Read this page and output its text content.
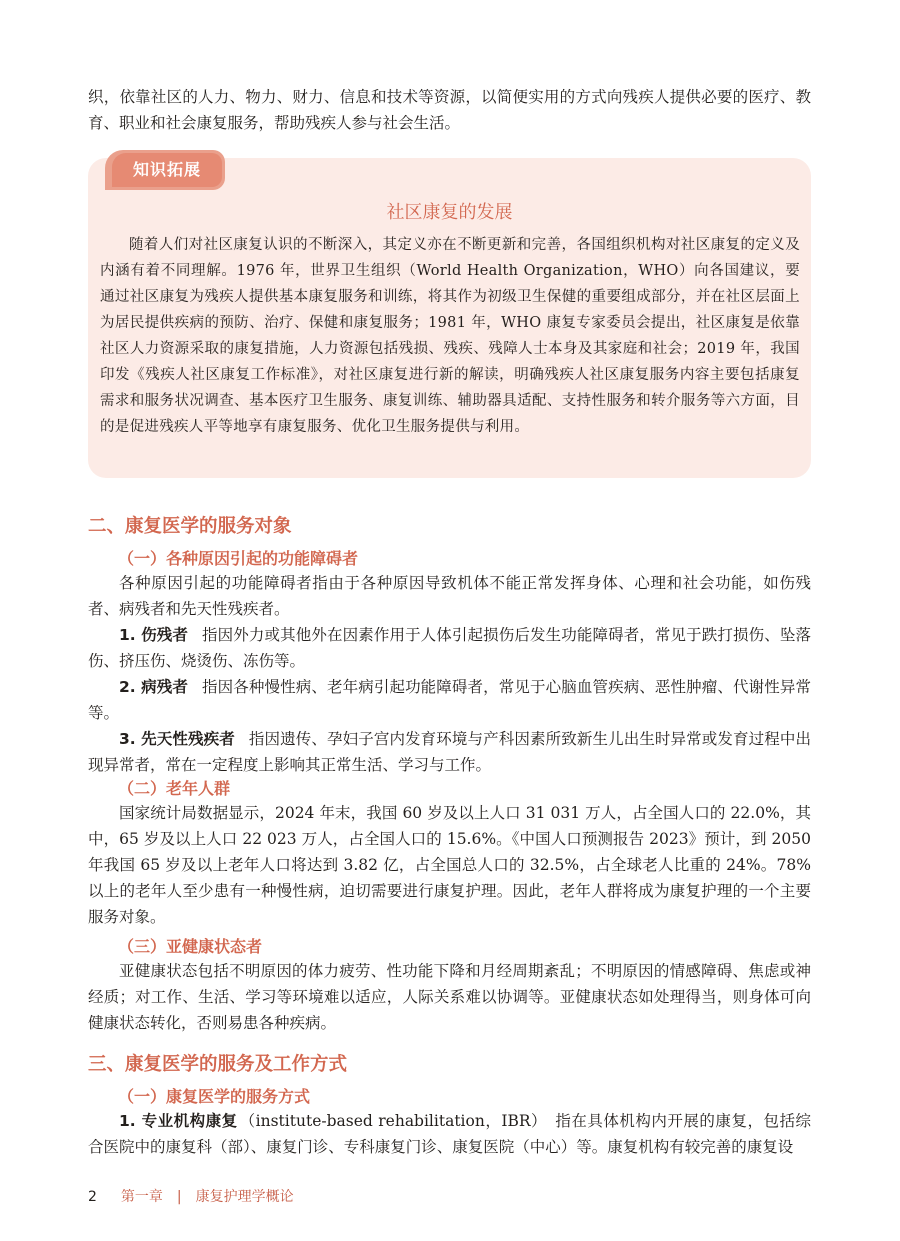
织，依靠社区的人力、物力、财力、信息和技术等资源，以简便实用的方式向残疾人提供必要的医疗、教育、职业和社会康复服务，帮助残疾人参与社会生活。

知识拓展
社区康复的发展

随着人们对社区康复认识的不断深入，其定义亦在不断更新和完善，各国组织机构对社区康复的定义及内涵有着不同理解。1976 年，世界卫生组织（World Health Organization，WHO）向各国建议，要通过社区康复为残疾人提供基本康复服务和训练，将其作为初级卫生保健的重要组成部分，并在社区层面上为居民提供疾病的预防、治疗、保健和康复服务；1981 年，WHO 康复专家委员会提出，社区康复是依靠社区人力资源采取的康复措施，人力资源包括残损、残疾、残障人士本身及其家庭和社会；2019 年，我国印发《残疾人社区康复工作标准》，对社区康复进行新的解读，明确残疾人社区康复服务内容主要包括康复需求和服务状况调查、基本医疗卫生服务、康复训练、辅助器具适配、支持性服务和转介服务等六方面，目的是促进残疾人平等地享有康复服务、优化卫生服务提供与利用。

二、康复医学的服务对象
（一）各种原因引起的功能障碍者

各种原因引起的功能障碍者指由于各种原因导致机体不能正常发挥身体、心理和社会功能，如伤残者、病残者和先天性残疾者。

1. 伤残者 指因外力或其他外在因素作用于人体引起损伤后发生功能障碍者，常见于跌打损伤、坠落伤、挤压伤、烧烫伤、冻伤等。

2. 病残者 指因各种慢性病、老年病引起功能障碍者，常见于心脑血管疾病、恶性肿瘤、代谢性异常等。

3. 先天性残疾者 指因遗传、孕妇子宫内发育环境与产科因素所致新生儿出生时异常或发育过程中出现异常者，常在一定程度上影响其正常生活、学习与工作。

（二）老年人群

国家统计局数据显示，2024 年末，我国 60 岁及以上人口 31 031 万人，占全国人口的 22.0%，其中，65 岁及以上人口 22 023 万人，占全国人口的 15.6%。《中国人口预测报告 2023》预计，到 2050 年我国 65 岁及以上老年人口将达到 3.82 亿，占全国总人口的 32.5%，占全球老人比重的 24%。78% 以上的老年人至少患有一种慢性病，迫切需要进行康复护理。因此，老年人群将成为康复护理的一个主要服务对象。

（三）亚健康状态者

亚健康状态包括不明原因的体力疲劳、性功能下降和月经周期紊乱；不明原因的情感障碍、焦虑或神经质；对工作、生活、学习等环境难以适应，人际关系难以协调等。亚健康状态如处理得当，则身体可向健康状态转化，否则易患各种疾病。

三、康复医学的服务及工作方式
（一）康复医学的服务方式

1. 专业机构康复 （institute-based rehabilitation，IBR）　指在具体机构内开展的康复，包括综合医院中的康复科（部）、康复门诊、专科康复门诊、康复医院（中心）等。康复机构有较完善的康复设

2 第一章 | 康复护理学概论
